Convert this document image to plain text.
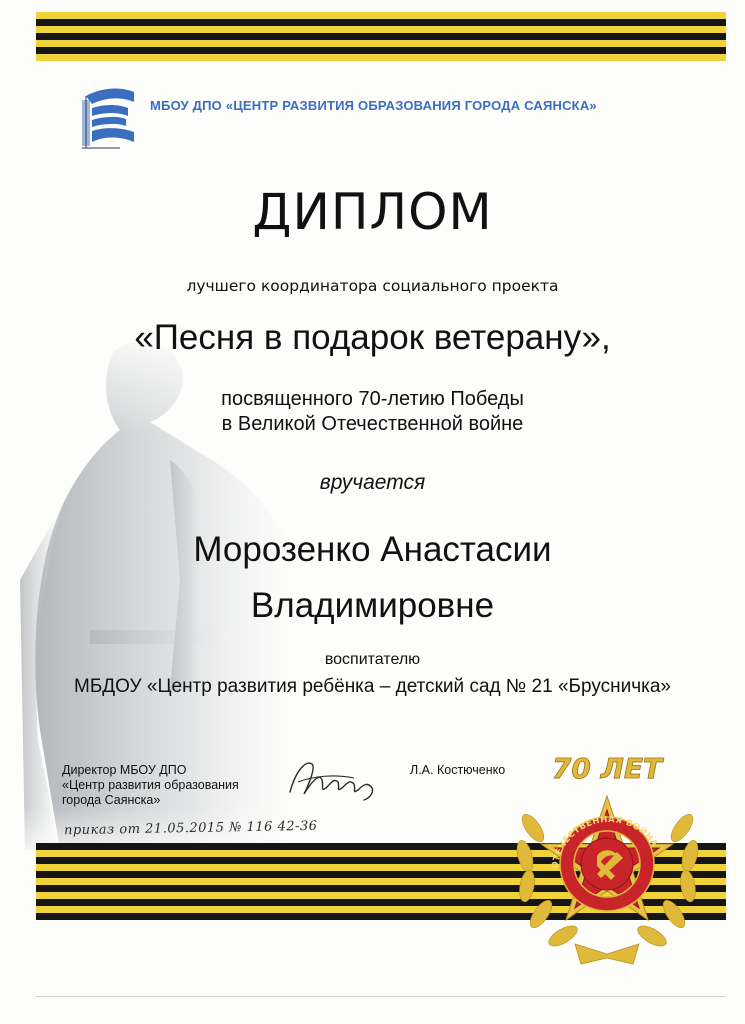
МБОУ ДПО «ЦЕНТР РАЗВИТИЯ ОБРАЗОВАНИЯ ГОРОДА САЯНСКА»
ДИПЛОМ
лучшего координатора социального проекта
«Песня в подарок ветерану»,
посвященного 70-летию Победы
в Великой Отечественной войне
вручается
Морозенко Анастасии
Владимировне
воспитателю
МБДОУ «Центр развития ребёнка – детский сад № 21 «Брусничка»
Директор МБОУ ДПО
«Центр развития образования
города Саянска»
Л.А. Костюченко
приказ от 21.05.2015 № 116 42-36
ОТЕЧЕСТВЕННАЯ ВОЙНА
70 ЛЕТ
